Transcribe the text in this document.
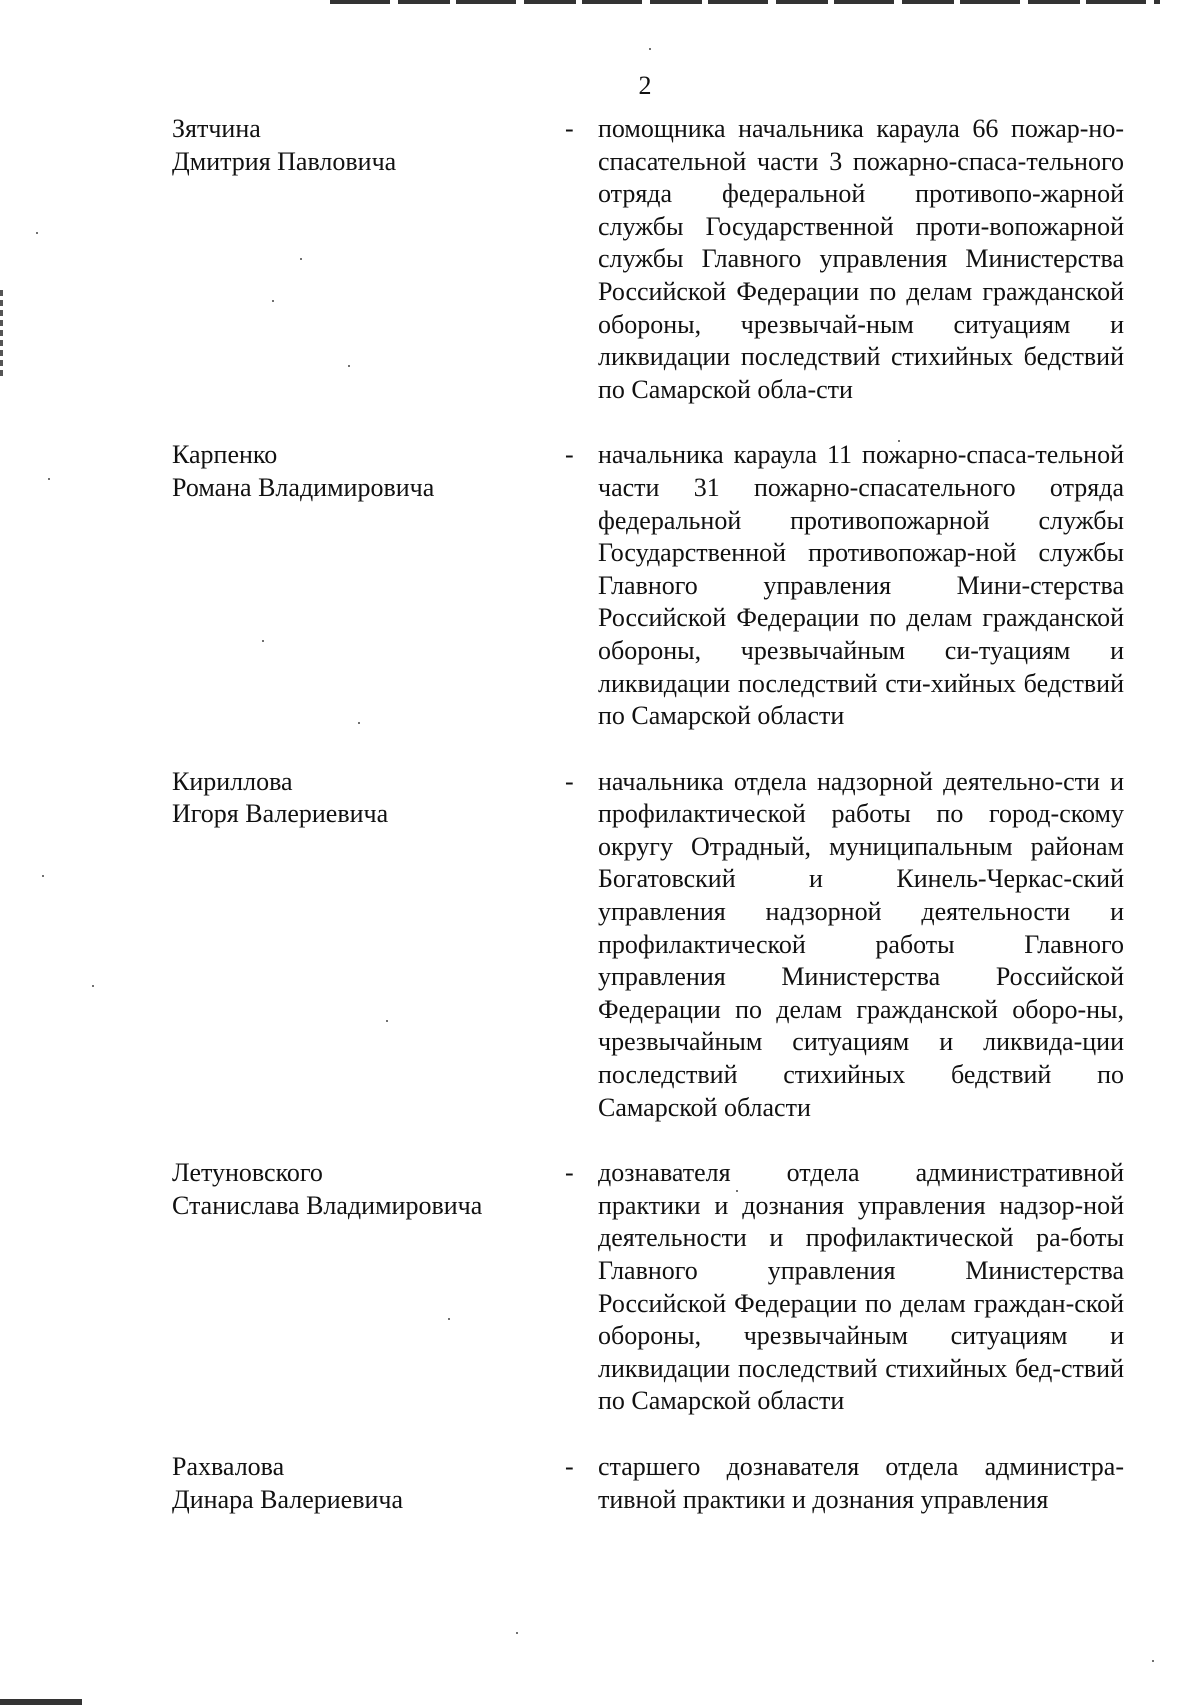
2
Зятчина
Дмитрия Павловича
- помощника начальника караула 66 пожар-но-спасательной части 3 пожарно-спаса-тельного отряда федеральной противопо-жарной службы Государственной проти-вопожарной службы Главного управления Министерства Российской Федерации по делам гражданской обороны, чрезвычай-ным ситуациям и ликвидации последствий стихийных бедствий по Самарской обла-сти
Карпенко
Романа Владимировича
- начальника караула 11 пожарно-спаса-тельной части 31 пожарно-спасательного отряда федеральной противопожарной службы Государственной противопожар-ной службы Главного управления Мини-стерства Российской Федерации по делам гражданской обороны, чрезвычайным си-туациям и ликвидации последствий сти-хийных бедствий по Самарской области
Кириллова
Игоря Валериевича
- начальника отдела надзорной деятельно-сти и профилактической работы по город-скому округу Отрадный, муниципальным районам Богатовский и Кинель-Черкас-ский управления надзорной деятельности и профилактической работы Главного управления Министерства Российской Федерации по делам гражданской оборо-ны, чрезвычайным ситуациям и ликвида-ции последствий стихийных бедствий по Самарской области
Летуновского
Станислава Владимировича
- дознавателя отдела административной практики и дознания управления надзор-ной деятельности и профилактической ра-боты Главного управления Министерства Российской Федерации по делам граждан-ской обороны, чрезвычайным ситуациям и ликвидации последствий стихийных бед-ствий по Самарской области
Рахвалова
Динара Валериевича
- старшего дознавателя отдела администра-тивной практики и дознания управления
